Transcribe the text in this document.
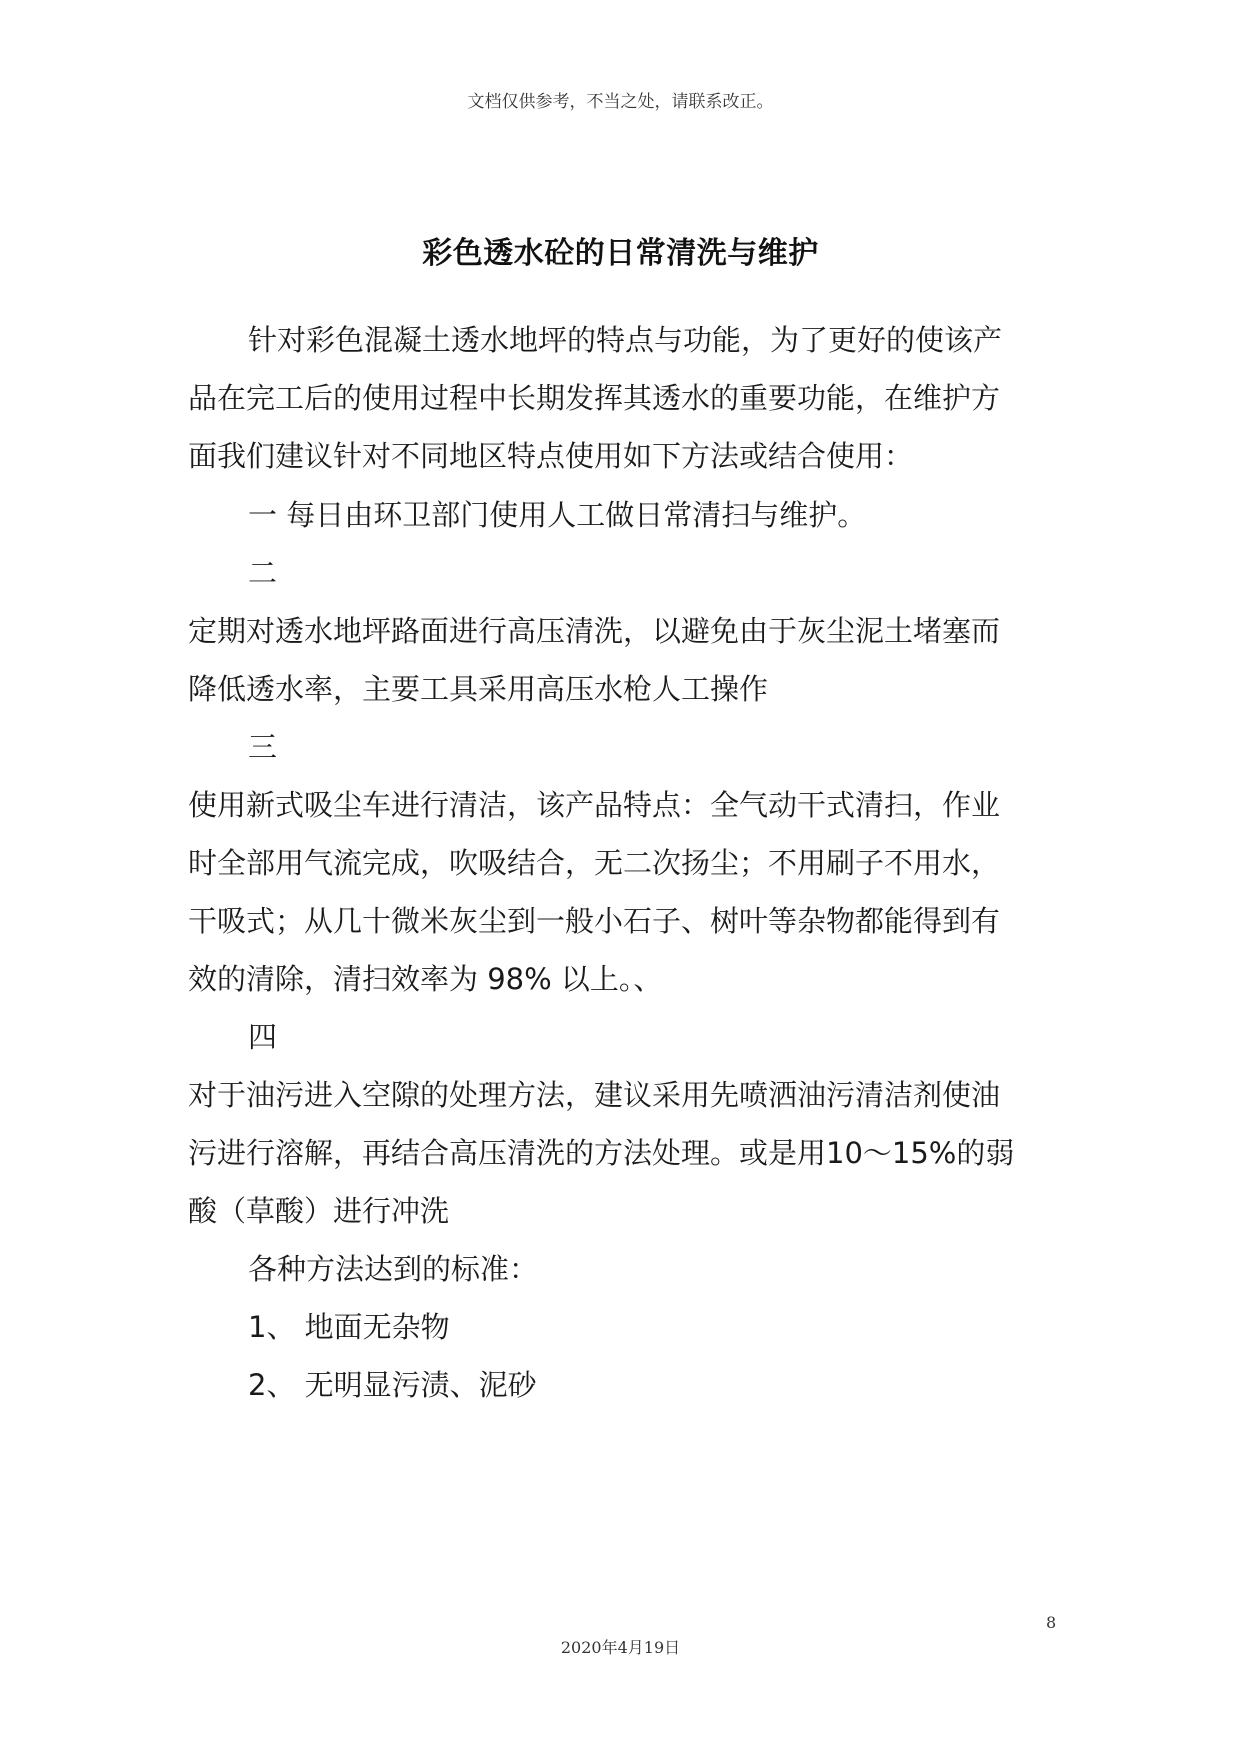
文档仅供参考，不当之处，请联系改正。
彩色透水砼的日常清洗与维护
针对彩色混凝土透水地坪的特点与功能，为了更好的使该产
品在完工后的使用过程中长期发挥其透水的重要功能，在维护方
面我们建议针对不同地区特点使用如下方法或结合使用：
一 每日由环卫部门使用人工做日常清扫与维护。
二
定期对透水地坪路面进行高压清洗，以避免由于灰尘泥土堵塞而
降低透水率，主要工具采用高压水枪人工操作
三
使用新式吸尘车进行清洁，该产品特点：全气动干式清扫，作业
时全部用气流完成，吹吸结合，无二次扬尘；不用刷子不用水，
干吸式；从几十微米灰尘到一般小石子、树叶等杂物都能得到有
效的清除，清扫效率为 98% 以上。、
四
对于油污进入空隙的处理方法，建议采用先喷洒油污清洁剂使油
污进行溶解，再结合高压清洗的方法处理。或是用10～15%的弱
酸（草酸）进行冲洗
各种方法达到的标准：
1、 地面无杂物
2、 无明显污渍、泥砂
8
2020年4月19日
